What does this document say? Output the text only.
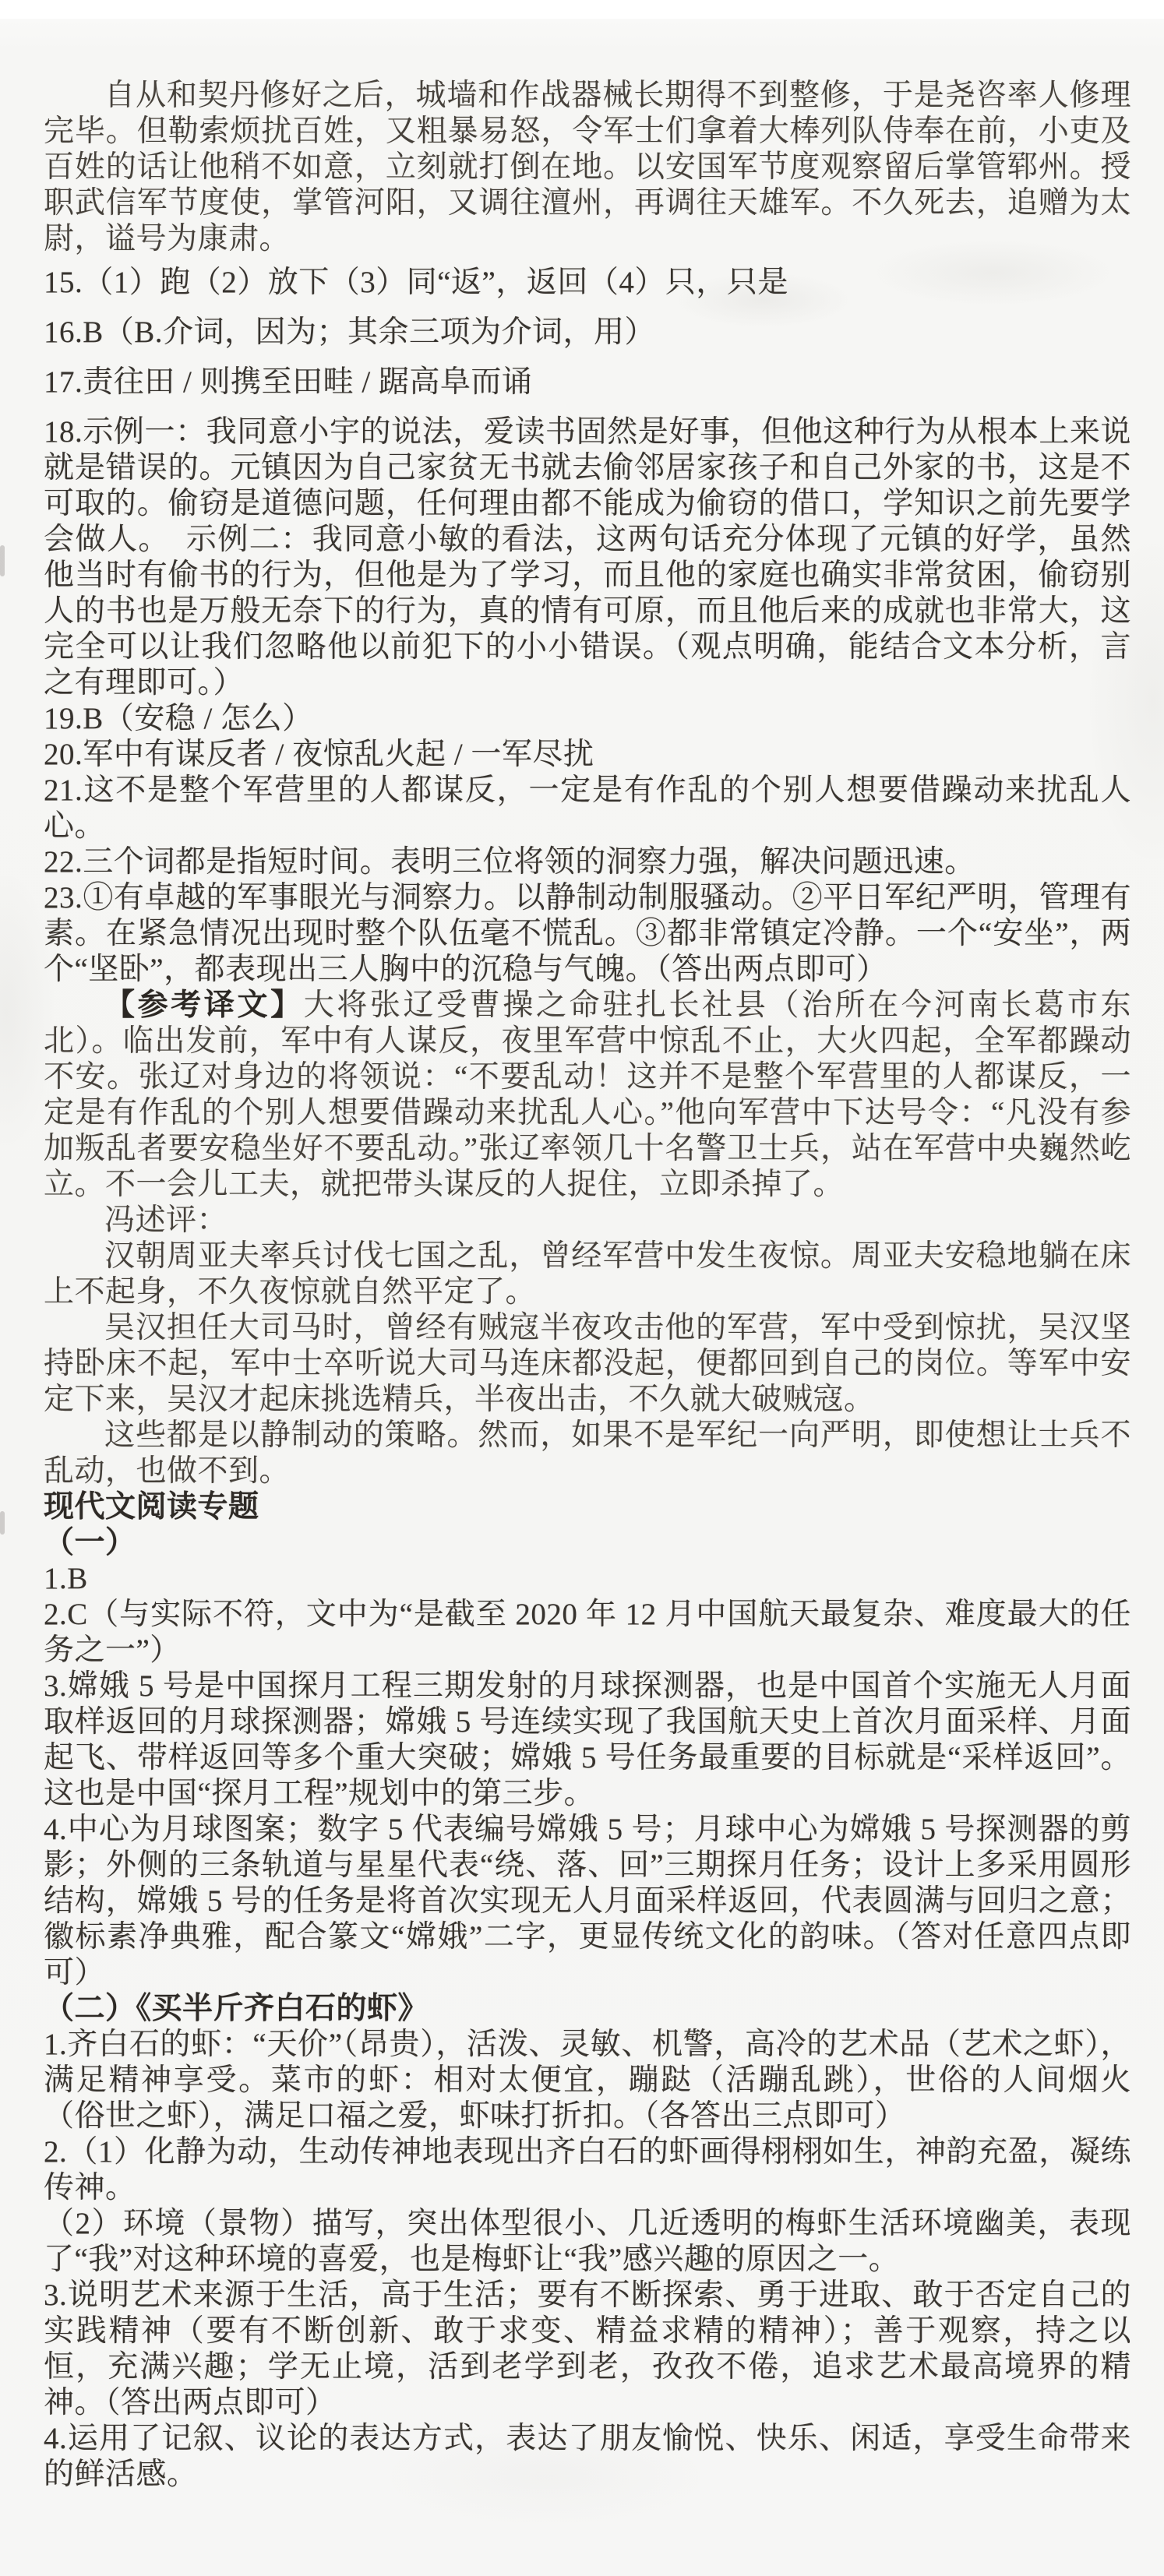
自从和契丹修好之后，城墙和作战器械长期得不到整修，于是尧咨率人修理完毕。但勒索烦扰百姓，又粗暴易怒，令军士们拿着大棒列队侍奉在前，小吏及百姓的话让他稍不如意，立刻就打倒在地。以安国军节度观察留后掌管郓州。授职武信军节度使，掌管河阳，又调往澶州，再调往天雄军。不久死去，追赠为太尉，谥号为康肃。

15.（1）跑（2）放下（3）同“返”，返回（4）只，只是

16.B（B.介词，因为；其余三项为介词，用）

17.责往田 / 则携至田畦 / 踞高阜而诵

18.示例一：我同意小宇的说法，爱读书固然是好事，但他这种行为从根本上来说就是错误的。元镇因为自己家贫无书就去偷邻居家孩子和自己外家的书，这是不可取的。偷窃是道德问题，任何理由都不能成为偷窃的借口，学知识之前先要学会做人。　示例二：我同意小敏的看法，这两句话充分体现了元镇的好学，虽然他当时有偷书的行为，但他是为了学习，而且他的家庭也确实非常贫困，偷窃别人的书也是万般无奈下的行为，真的情有可原，而且他后来的成就也非常大，这完全可以让我们忽略他以前犯下的小小错误。（观点明确，能结合文本分析，言之有理即可。）

19.B（安稳 / 怎么）

20.军中有谋反者 / 夜惊乱火起 / 一军尽扰

21.这不是整个军营里的人都谋反，一定是有作乱的个别人想要借躁动来扰乱人心。

22.三个词都是指短时间。表明三位将领的洞察力强，解决问题迅速。

23.①有卓越的军事眼光与洞察力。以静制动制服骚动。②平日军纪严明，管理有素。在紧急情况出现时整个队伍毫不慌乱。③都非常镇定冷静。一个“安坐”，两个“坚卧”，都表现出三人胸中的沉稳与气魄。（答出两点即可）

【参考译文】大将张辽受曹操之命驻扎长社县（治所在今河南长葛市东北）。临出发前，军中有人谋反，夜里军营中惊乱不止，大火四起，全军都躁动不安。张辽对身边的将领说：“不要乱动！这并不是整个军营里的人都谋反，一定是有作乱的个别人想要借躁动来扰乱人心。”他向军营中下达号令：“凡没有参加叛乱者要安稳坐好不要乱动。”张辽率领几十名警卫士兵，站在军营中央巍然屹立。不一会儿工夫，就把带头谋反的人捉住，立即杀掉了。

冯述评：

汉朝周亚夫率兵讨伐七国之乱，曾经军营中发生夜惊。周亚夫安稳地躺在床上不起身，不久夜惊就自然平定了。

吴汉担任大司马时，曾经有贼寇半夜攻击他的军营，军中受到惊扰，吴汉坚持卧床不起，军中士卒听说大司马连床都没起，便都回到自己的岗位。等军中安定下来，吴汉才起床挑选精兵，半夜出击，不久就大破贼寇。

这些都是以静制动的策略。然而，如果不是军纪一向严明，即使想让士兵不乱动，也做不到。

现代文阅读专题

（一）

1.B

2.C（与实际不符，文中为“是截至 2020 年 12 月中国航天最复杂、难度最大的任务之一”）

3.嫦娥 5 号是中国探月工程三期发射的月球探测器，也是中国首个实施无人月面取样返回的月球探测器；嫦娥 5 号连续实现了我国航天史上首次月面采样、月面起飞、带样返回等多个重大突破；嫦娥 5 号任务最重要的目标就是“采样返回”。这也是中国“探月工程”规划中的第三步。

4.中心为月球图案；数字 5 代表编号嫦娥 5 号；月球中心为嫦娥 5 号探测器的剪影；外侧的三条轨道与星星代表“绕、落、回”三期探月任务；设计上多采用圆形结构，嫦娥 5 号的任务是将首次实现无人月面采样返回，代表圆满与回归之意；徽标素净典雅，配合篆文“嫦娥”二字，更显传统文化的韵味。（答对任意四点即可）

（二）《买半斤齐白石的虾》

1.齐白石的虾：“天价”（昂贵），活泼、灵敏、机警，高冷的艺术品（艺术之虾），满足精神享受。菜市的虾：相对太便宜，蹦跶（活蹦乱跳），世俗的人间烟火（俗世之虾），满足口福之爱，虾味打折扣。（各答出三点即可）

2.（1）化静为动，生动传神地表现出齐白石的虾画得栩栩如生，神韵充盈，凝练传神。

（2）环境（景物）描写，突出体型很小、几近透明的梅虾生活环境幽美，表现了“我”对这种环境的喜爱，也是梅虾让“我”感兴趣的原因之一。

3.说明艺术来源于生活，高于生活；要有不断探索、勇于进取、敢于否定自己的实践精神（要有不断创新、敢于求变、精益求精的精神）；善于观察，持之以恒，充满兴趣；学无止境，活到老学到老，孜孜不倦，追求艺术最高境界的精神。（答出两点即可）

4.运用了记叙、议论的表达方式，表达了朋友愉悦、快乐、闲适，享受生命带来的鲜活感。
